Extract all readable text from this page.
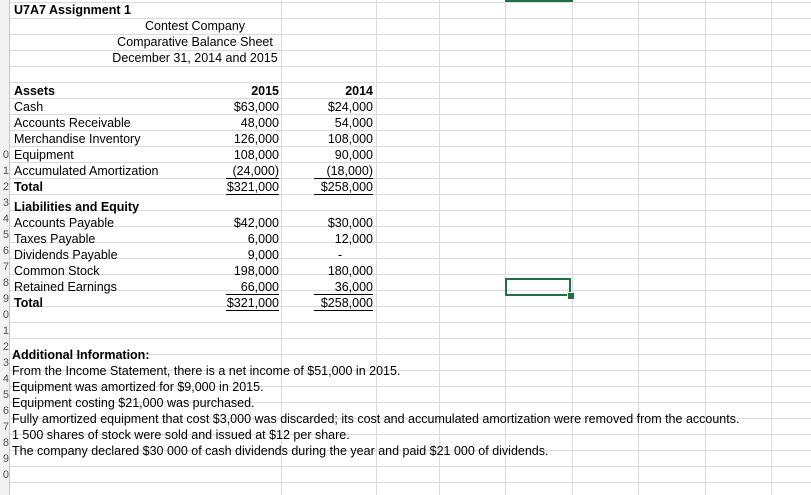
0
1
2
3
4
5
6
7
8
9
0
1
2
3
4
5
6
7
8
9
0
U7A7 Assignment 1
Contest Company
Comparative Balance Sheet
December 31, 2014 and 2015
Assets	2015	2014
Cash	$63,000	$24,000
Accounts Receivable	48,000	54,000
Merchandise Inventory	126,000	108,000
Equipment	108,000	90,000
Accumulated Amortization	(24,000)	(18,000)
Total	$321,000	$258,000
Liabilities and Equity
Accounts Payable	$42,000	$30,000
Taxes Payable	6,000	12,000
Dividends Payable	9,000	-
Common Stock	198,000	180,000
Retained Earnings	66,000	36,000
Total	$321,000	$258,000
Additional Information:
From the Income Statement, there is a net income of $51,000 in 2015.
Equipment was amortized for $9,000 in 2015.
Equipment costing $21,000 was purchased.
Fully amortized equipment that cost $3,000 was discarded; its cost and accumulated amortization were removed from the accounts.
1 500 shares of stock were sold and issued at $12 per share.
The company declared $30 000 of cash dividends during the year and paid $21 000 of dividends.
